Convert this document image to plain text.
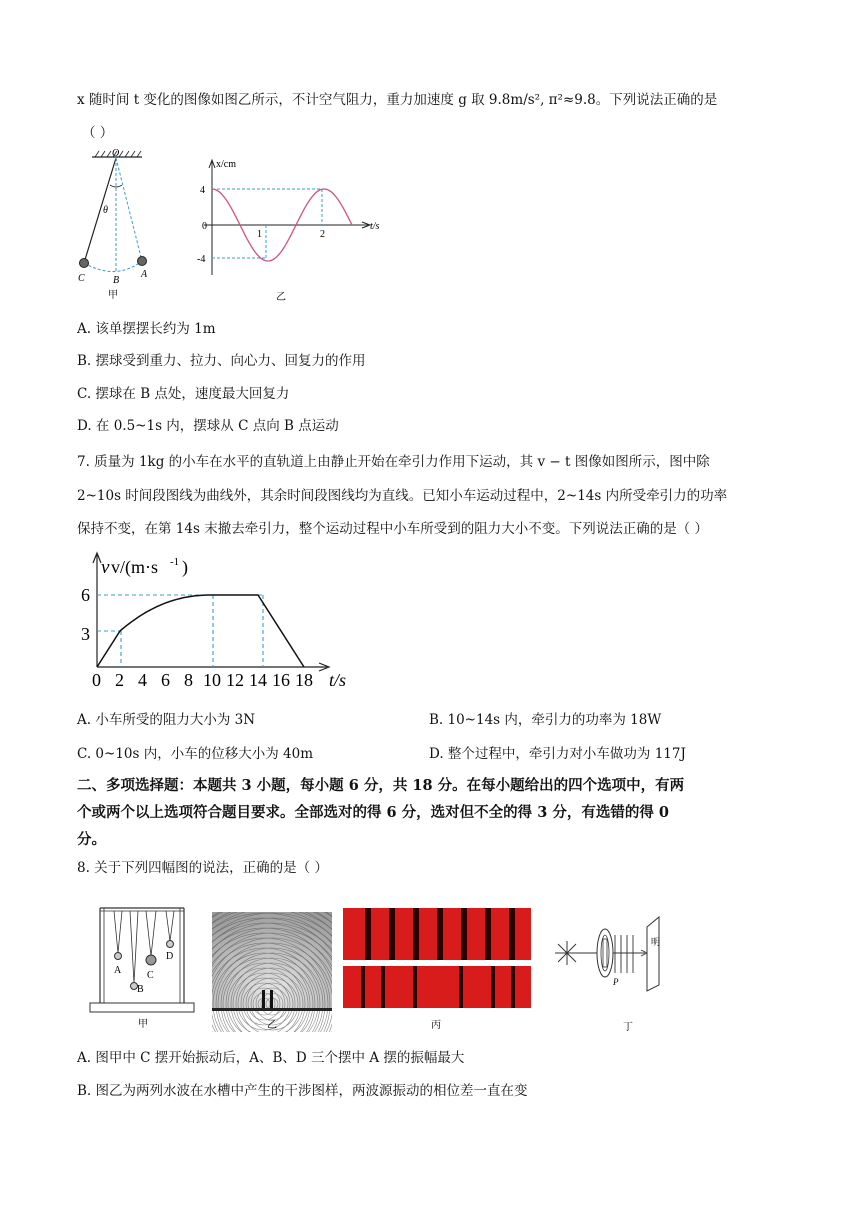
x 随时间 t 变化的图像如图乙所示，不计空气阻力，重力加速度 g 取 9.8m/s², π²≈9.8。下列说法正确的是
（ ）
O
θ
C	B
A
甲
x/cm
t/s
4
0
-4
1	2
乙
A. 该单摆摆长约为 1m
B. 摆球受到重力、拉力、向心力、回复力的作用
C. 摆球在 B 点处，速度最大回复力
D. 在 0.5~1s 内，摆球从 C 点向 B 点运动
7. 质量为 1kg 的小车在水平的直轨道上由静止开始在牵引力作用下运动，其 v − t 图像如图所示，图中除
2~10s 时间段图线为曲线外，其余时间段图线均为直线。已知小车运动过程中，2~14s 内所受牵引力的功率
保持不变，在第 14s 末撤去牵引力，整个运动过程中小车所受到的阻力大小不变。下列说法正确的是（ ）
v v/(m·s -1 )
t/s
6
3
0 2 4 6 8 10 12 14 16 18
A. 小车所受的阻力大小为 3N	B. 10~14s 内，牵引力的功率为 18W
C. 0~10s 内，小车的位移大小为 40m	D. 整个过程中，牵引力对小车做功为 117J
二、多项选择题：本题共 3 小题，每小题 6 分，共 18 分。在每小题给出的四个选项中，有两
个或两个以上选项符合题目要求。全部选对的得 6 分，选对但不全的得 3 分，有选错的得 0
分。
8. 关于下列四幅图的说法，正确的是（ ）
A
B
C
D
甲	乙	丙
明
P
丁
A. 图甲中 C 摆开始振动后，A、B、D 三个摆中 A 摆的振幅最大
B. 图乙为两列水波在水槽中产生的干涉图样，两波源振动的相位差一直在变
